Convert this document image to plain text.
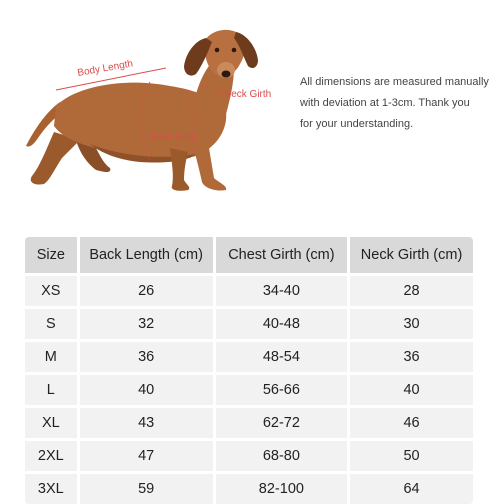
Body Length
Neck Girth
Chest Girth
All dimensions are measured manually
with deviation at 1-3cm. Thank you
for your understanding.
Size	Back Length (cm)	Chest Girth (cm)	Neck Girth (cm)
XS	26	34-40	28
S	32	40-48	30
M	36	48-54	36
L	40	56-66	40
XL	43	62-72	46
2XL	47	68-80	50
3XL	59	82-100	64
